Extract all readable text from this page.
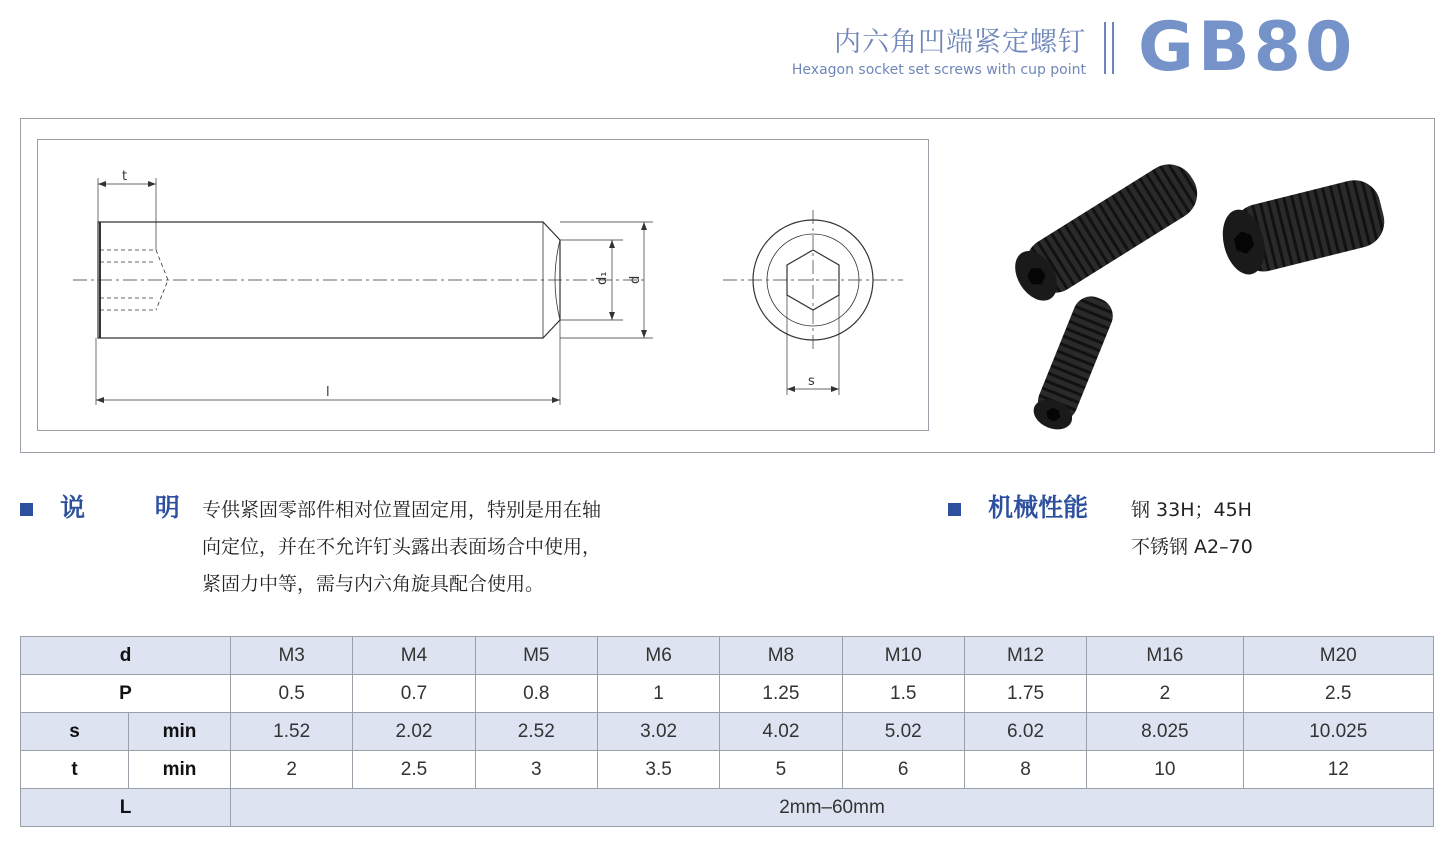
内六角凹端紧定螺钉
Hexagon socket set screws with cup point GB80
t
l
d₁ d
s
说        明 专供紧固零部件相对位置固定用，特别是用在轴
向定位，并在不允许钉头露出表面场合中使用，
紧固力中等，需与内六角旋具配合使用。
机械性能 钢 33H；45H
不锈钢 A2–70
d		M3	M4	M5	M6	M8	M10	M12	M16	M20
P		0.5	0.7	0.8	1	1.25	1.5	1.75	2	2.5
s	min	1.52	2.02	2.52	3.02	4.02	5.02	6.02	8.025	10.025
t	min	2	2.5	3	3.5	5	6	8	10	12
L		2mm–60mm								
